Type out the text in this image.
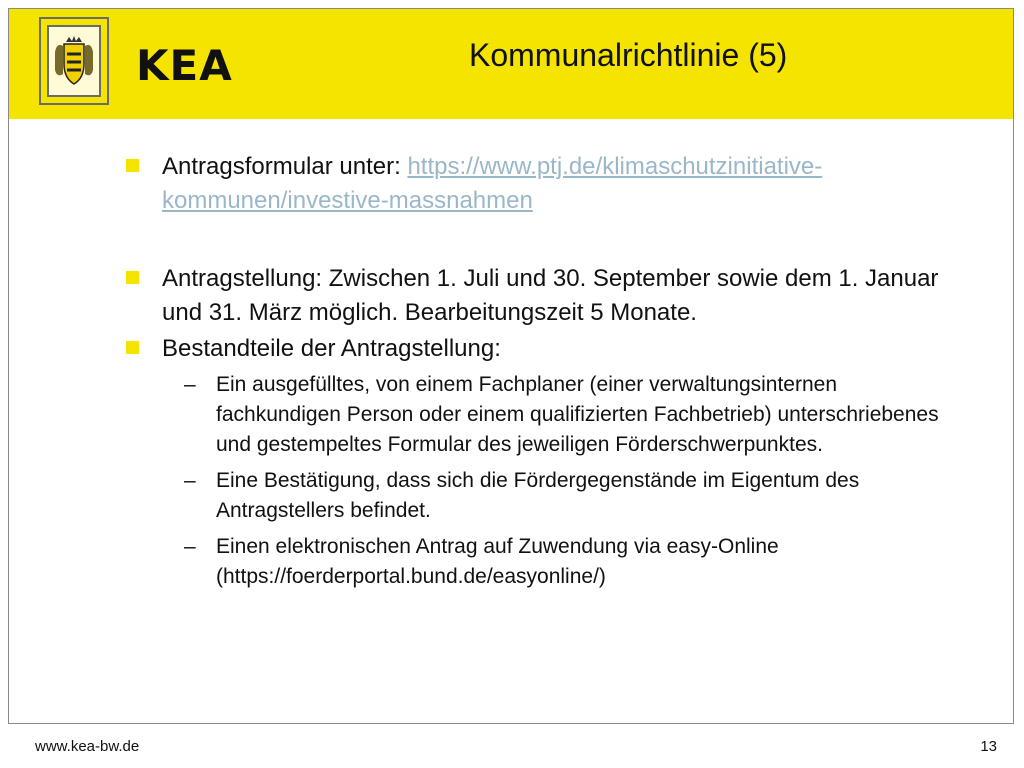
KEA	Kommunalrichtlinie (5)
Antragsformular unter: https://www.ptj.de/klimaschutzinitiative-kommunen/investive-massnahmen
Antragstellung: Zwischen 1. Juli und 30. September sowie dem 1. Januar und 31. März möglich. Bearbeitungszeit 5 Monate.
Bestandteile der Antragstellung:
– Ein ausgefülltes, von einem Fachplaner (einer verwaltungsinternen fachkundigen Person oder einem qualifizierten Fachbetrieb) unterschriebenes und gestempeltes Formular des jeweiligen Förderschwerpunktes.
– Eine Bestätigung, dass sich die Fördergegenstände im Eigentum des Antragstellers befindet.
– Einen elektronischen Antrag auf Zuwendung via easy-Online (https://foerderportal.bund.de/easyonline/)
www.kea-bw.de	13
